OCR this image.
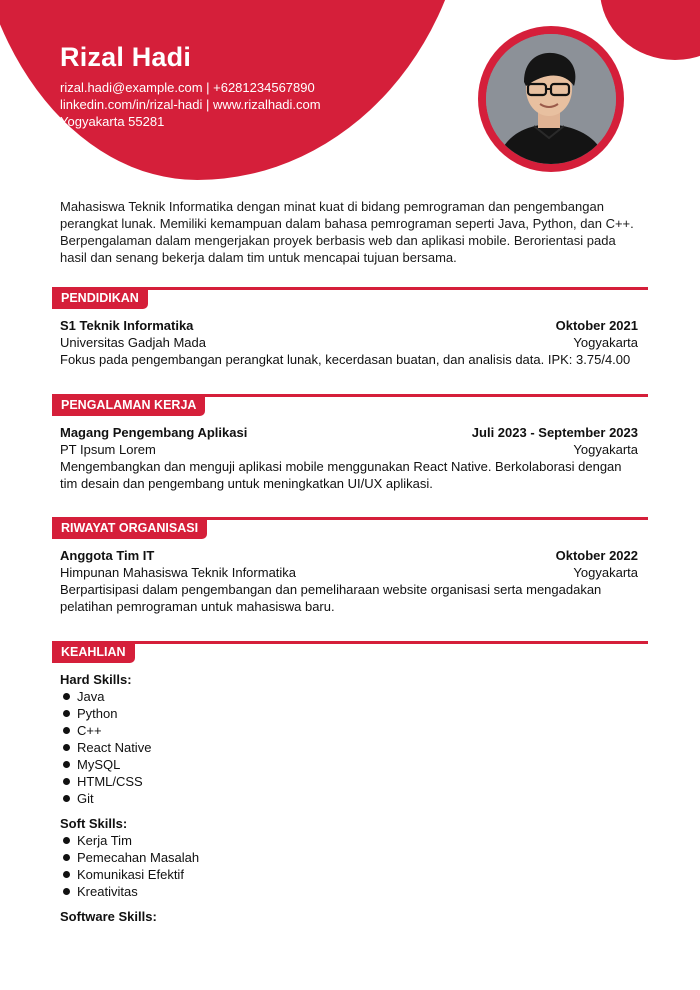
Rizal Hadi
rizal.hadi@example.com | +6281234567890
linkedin.com/in/rizal-hadi | www.rizalhadi.com
Yogyakarta 55281
Mahasiswa Teknik Informatika dengan minat kuat di bidang pemrograman dan pengembangan perangkat lunak. Memiliki kemampuan dalam bahasa pemrograman seperti Java, Python, dan C++. Berpengalaman dalam mengerjakan proyek berbasis web dan aplikasi mobile. Berorientasi pada hasil dan senang bekerja dalam tim untuk mencapai tujuan bersama.
PENDIDIKAN
S1 Teknik Informatika	Oktober 2021
Universitas Gadjah Mada	Yogyakarta
Fokus pada pengembangan perangkat lunak, kecerdasan buatan, dan analisis data. IPK: 3.75/4.00
PENGALAMAN KERJA
Magang Pengembang Aplikasi	Juli 2023 - September 2023
PT Ipsum Lorem	Yogyakarta
Mengembangkan dan menguji aplikasi mobile menggunakan React Native. Berkolaborasi dengan tim desain dan pengembang untuk meningkatkan UI/UX aplikasi.
RIWAYAT ORGANISASI
Anggota Tim IT	Oktober 2022
Himpunan Mahasiswa Teknik Informatika	Yogyakarta
Berpartisipasi dalam pengembangan dan pemeliharaan website organisasi serta mengadakan pelatihan pemrograman untuk mahasiswa baru.
KEAHLIAN
Hard Skills:
Java
Python
C++
React Native
MySQL
HTML/CSS
Git
Soft Skills:
Kerja Tim
Pemecahan Masalah
Komunikasi Efektif
Kreativitas
Software Skills:
